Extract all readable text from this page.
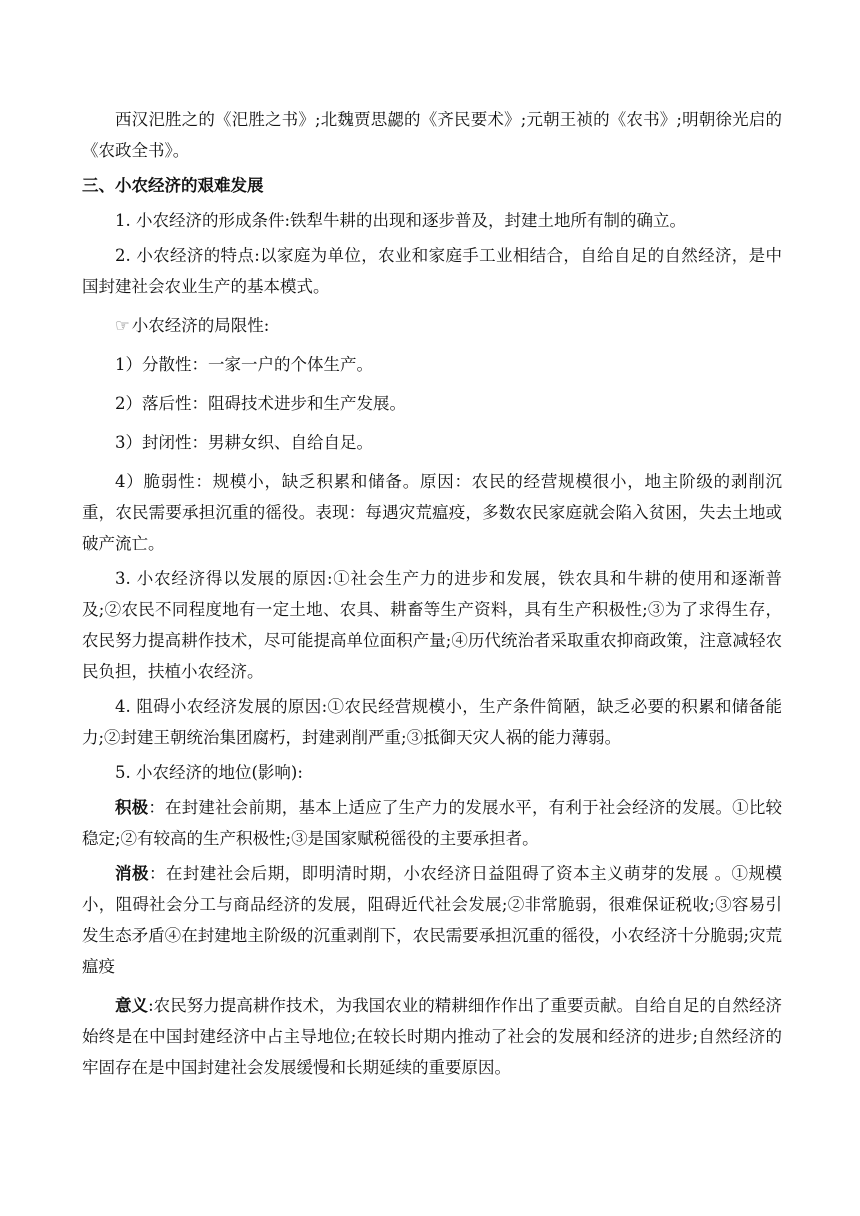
西汉汜胜之的《汜胜之书》;北魏贾思勰的《齐民要术》;元朝王祯的《农书》;明朝徐光启的《农政全书》。

三、小农经济的艰难发展

1. 小农经济的形成条件:铁犁牛耕的出现和逐步普及，封建土地所有制的确立。

2. 小农经济的特点:以家庭为单位，农业和家庭手工业相结合，自给自足的自然经济，是中国封建社会农业生产的基本模式。

☞ 小农经济的局限性:

1）分散性：一家一户的个体生产。

2）落后性：阻碍技术进步和生产发展。

3）封闭性：男耕女织、自给自足。

4）脆弱性：规模小，缺乏积累和储备。原因：农民的经营规模很小，地主阶级的剥削沉重，农民需要承担沉重的徭役。表现：每遇灾荒瘟疫，多数农民家庭就会陷入贫困，失去土地或破产流亡。

3. 小农经济得以发展的原因:①社会生产力的进步和发展，铁农具和牛耕的使用和逐渐普及;②农民不同程度地有一定土地、农具、耕畜等生产资料，具有生产积极性;③为了求得生存，农民努力提高耕作技术，尽可能提高单位面积产量;④历代统治者采取重农抑商政策，注意减轻农民负担，扶植小农经济。

4. 阻碍小农经济发展的原因:①农民经营规模小，生产条件简陋，缺乏必要的积累和储备能力;②封建王朝统治集团腐朽，封建剥削严重;③抵御天灾人祸的能力薄弱。

5. 小农经济的地位(影响):

积极：在封建社会前期，基本上适应了生产力的发展水平，有利于社会经济的发展。①比较稳定;②有较高的生产积极性;③是国家赋税徭役的主要承担者。

消极：在封建社会后期，即明清时期，小农经济日益阻碍了资本主义萌芽的发展 。①规模小，阻碍社会分工与商品经济的发展，阻碍近代社会发展;②非常脆弱，很难保证税收;③容易引发生态矛盾④在封建地主阶级的沉重剥削下，农民需要承担沉重的徭役，小农经济十分脆弱;灾荒瘟疫

意义:农民努力提高耕作技术，为我国农业的精耕细作作出了重要贡献。自给自足的自然经济始终是在中国封建经济中占主导地位;在较长时期内推动了社会的发展和经济的进步;自然经济的牢固存在是中国封建社会发展缓慢和长期延续的重要原因。
